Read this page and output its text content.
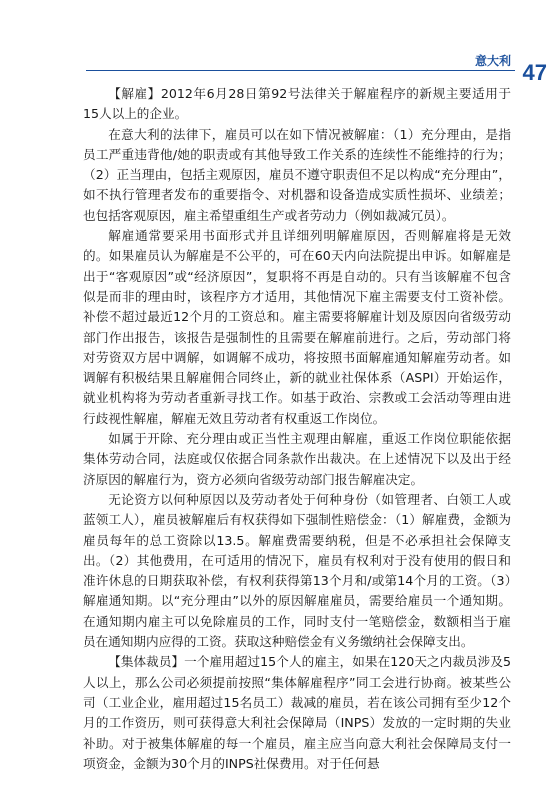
意大利 47

【解雇】2012年6月28日第92号法律关于解雇程序的新规主要适用于15人以上的企业。

在意大利的法律下，雇员可以在如下情况被解雇：（1）充分理由，是指员工严重违背他/她的职责或有其他导致工作关系的连续性不能维持的行为；（2）正当理由，包括主观原因，雇员不遵守职责但不足以构成“充分理由”，如不执行管理者发布的重要指令、对机器和设备造成实质性损坏、业绩差；也包括客观原因，雇主希望重组生产或者劳动力（例如裁减冗员）。

解雇通常要采用书面形式并且详细列明解雇原因，否则解雇将是无效的。如果雇员认为解雇是不公平的，可在60天内向法院提出申诉。如解雇是出于“客观原因”或“经济原因”，复职将不再是自动的。只有当该解雇不包含似是而非的理由时，该程序方才适用，其他情况下雇主需要支付工资补偿。补偿不超过最近12个月的工资总和。雇主需要将解雇计划及原因向省级劳动部门作出报告，该报告是强制性的且需要在解雇前进行。之后，劳动部门将对劳资双方居中调解，如调解不成功，将按照书面解雇通知解雇劳动者。如调解有积极结果且解雇佣合同终止，新的就业社保体系（ASPI）开始运作，就业机构将为劳动者重新寻找工作。如基于政治、宗教或工会活动等理由进行歧视性解雇，解雇无效且劳动者有权重返工作岗位。

如属于开除、充分理由或正当性主观理由解雇，重返工作岗位职能依据集体劳动合同，法庭或仅依据合同条款作出裁决。在上述情况下以及出于经济原因的解雇行为，资方必须向省级劳动部门报告解雇决定。

无论资方以何种原因以及劳动者处于何种身份（如管理者、白领工人或蓝领工人），雇员被解雇后有权获得如下强制性赔偿金：（1）解雇费，金额为雇员每年的总工资除以13.5。解雇费需要纳税，但是不必承担社会保障支出。（2）其他费用，在可适用的情况下，雇员有权利对于没有使用的假日和准许休息的日期获取补偿，有权利获得第13个月和/或第14个月的工资。（3）解雇通知期。以“充分理由”以外的原因解雇雇员，需要给雇员一个通知期。在通知期内雇主可以免除雇员的工作，同时支付一笔赔偿金，数额相当于雇员在通知期内应得的工资。获取这种赔偿金有义务缴纳社会保障支出。

【集体裁员】一个雇用超过15个人的雇主，如果在120天之内裁员涉及5人以上，那么公司必须提前按照“集体解雇程序”同工会进行协商。被某些公司（工业企业，雇用超过15名员工）裁减的雇员，若在该公司拥有至少12个月的工作资历，则可获得意大利社会保障局（INPS）发放的一定时期的失业补助。对于被集体解雇的每一个雇员，雇主应当向意大利社会保障局支付一项资金，金额为30个月的INPS社保费用。对于任何悬
